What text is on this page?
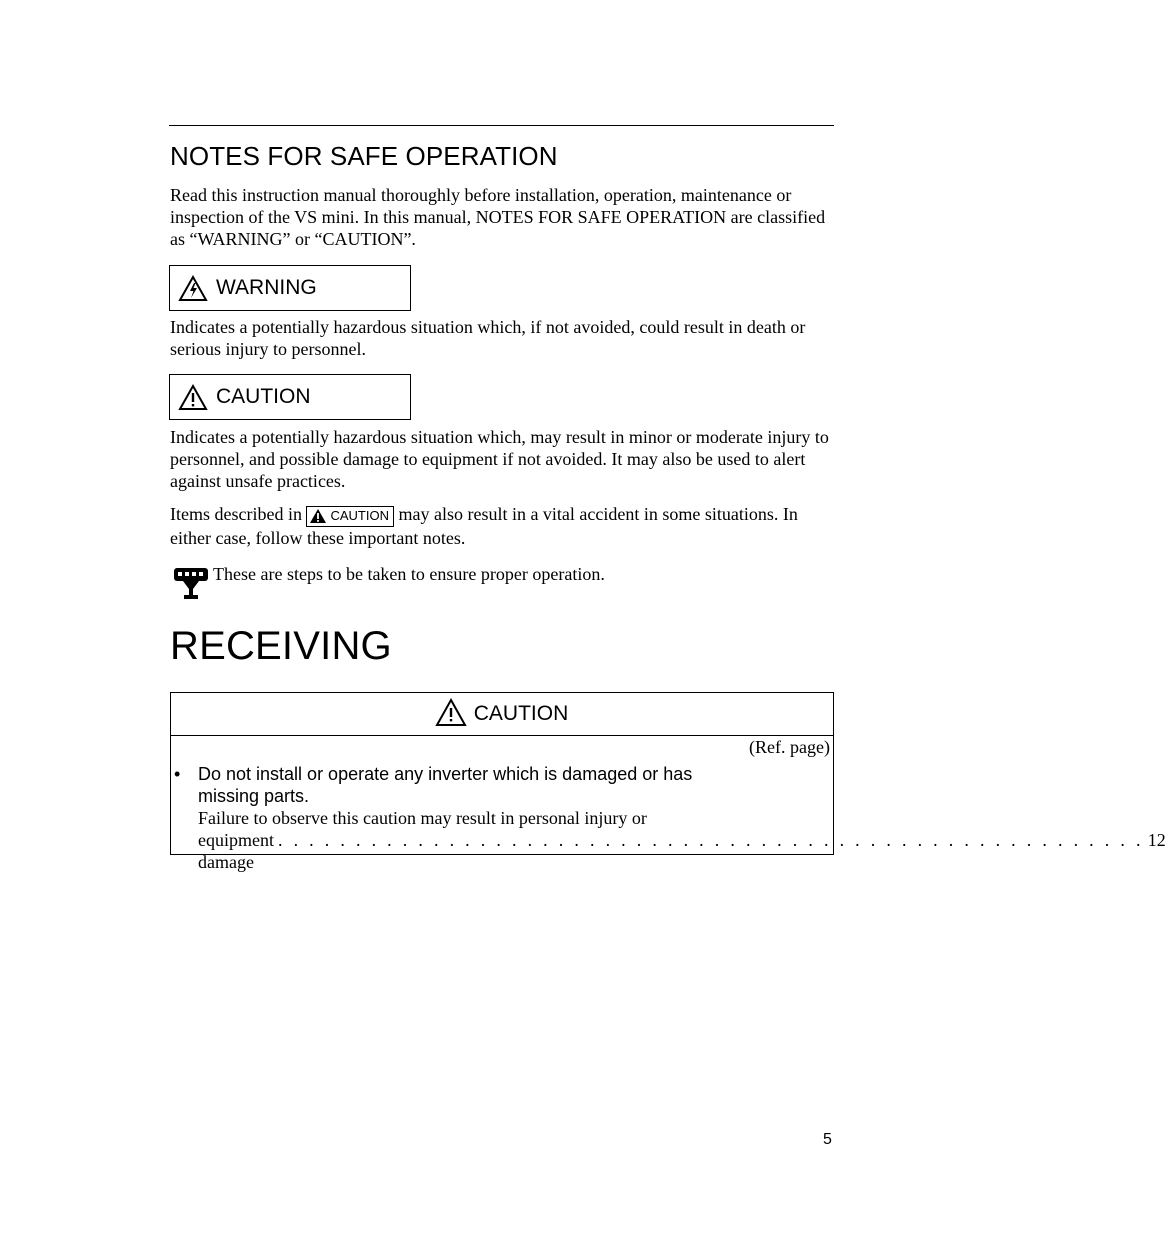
NOTES FOR SAFE OPERATION

Read this instruction manual thoroughly before installation, operation, maintenance or inspection of the VS mini. In this manual, NOTES FOR SAFE OPERATION are classified as “WARNING” or “CAUTION”.

WARNING

Indicates a potentially hazardous situation which, if not avoided, could result in death or serious injury to personnel.

CAUTION

Indicates a potentially hazardous situation which, may result in minor or moderate injury to personnel, and possible damage to equipment if not avoided. It may also be used to alert against unsafe practices.

Items described in CAUTION may also result in a vital accident in some situations. In either case, follow these important notes.

These are steps to be taken to ensure proper operation.
RECEIVING
CAUTION
(Ref. page)
• Do not install or operate any inverter which is damaged or has missing parts.
Failure to observe this caution may result in personal injury or
equipment damage
. . . . . . . . . . . . . . . . . . . . . . . . . . . . . . . . . . . . . . . . . . . . . . . . . . . . . . . . 12
5
